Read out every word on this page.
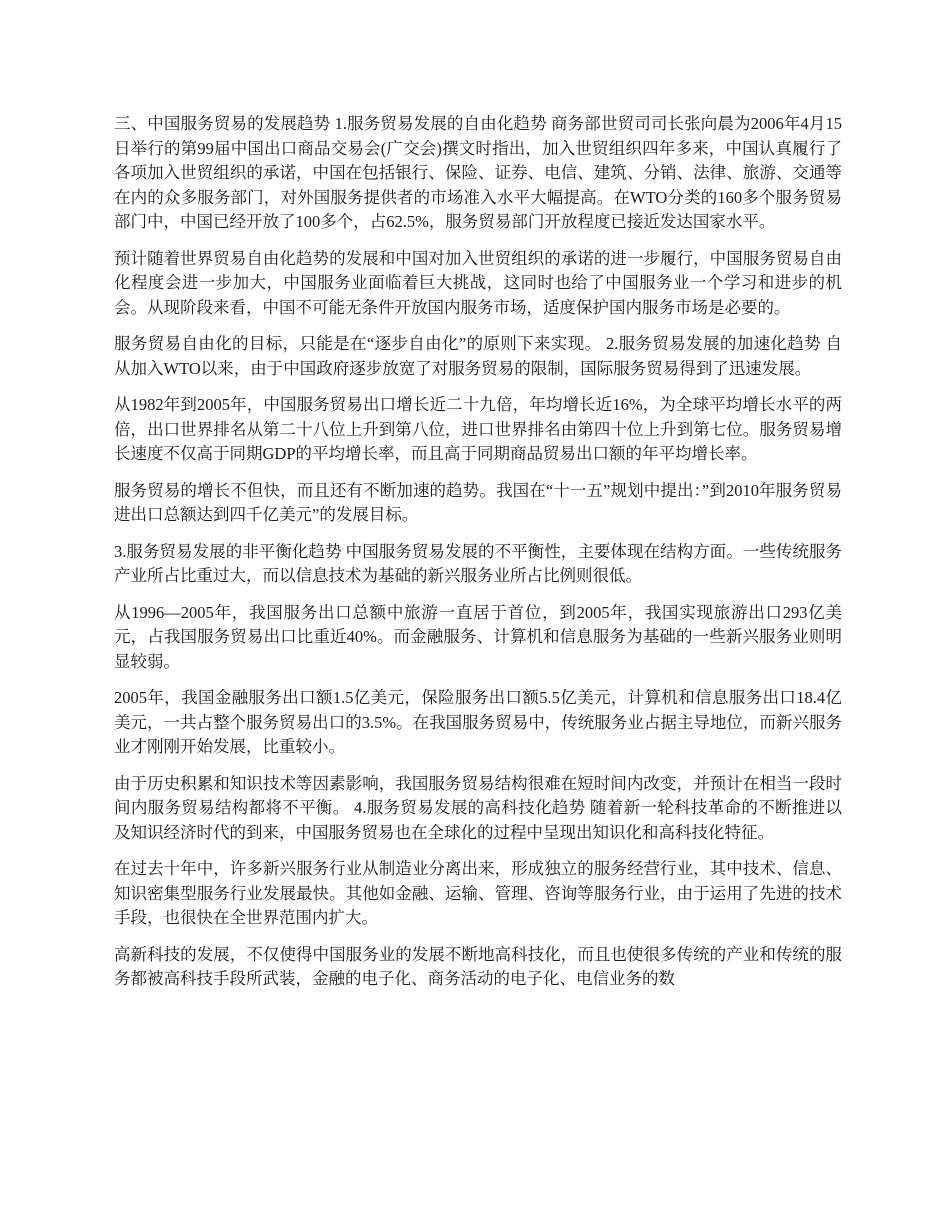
三、中国服务贸易的发展趋势 1.服务贸易发展的自由化趋势 商务部世贸司司长张向晨为2006年4月15日举行的第99届中国出口商品交易会(广交会)撰文时指出，加入世贸组织四年多来，中国认真履行了各项加入世贸组织的承诺，中国在包括银行、保险、证券、电信、建筑、分销、法律、旅游、交通等在内的众多服务部门，对外国服务提供者的市场准入水平大幅提高。在WTO分类的160多个服务贸易部门中，中国已经开放了100多个，占62.5%，服务贸易部门开放程度已接近发达国家水平。

预计随着世界贸易自由化趋势的发展和中国对加入世贸组织的承诺的进一步履行，中国服务贸易自由化程度会进一步加大，中国服务业面临着巨大挑战，这同时也给了中国服务业一个学习和进步的机会。从现阶段来看，中国不可能无条件开放国内服务市场，适度保护国内服务市场是必要的。

服务贸易自由化的目标，只能是在“逐步自由化”的原则下来实现。 2.服务贸易发展的加速化趋势 自从加入WTO以来，由于中国政府逐步放宽了对服务贸易的限制，国际服务贸易得到了迅速发展。

从1982年到2005年，中国服务贸易出口增长近二十九倍，年均增长近16%，为全球平均增长水平的两倍，出口世界排名从第二十八位上升到第八位，进口世界排名由第四十位上升到第七位。服务贸易增长速度不仅高于同期GDP的平均增长率，而且高于同期商品贸易出口额的年平均增长率。

服务贸易的增长不但快，而且还有不断加速的趋势。我国在“十一五”规划中提出：”到2010年服务贸易进出口总额达到四千亿美元”的发展目标。

3.服务贸易发展的非平衡化趋势 中国服务贸易发展的不平衡性，主要体现在结构方面。一些传统服务产业所占比重过大，而以信息技术为基础的新兴服务业所占比例则很低。

从1996—2005年，我国服务出口总额中旅游一直居于首位，到2005年，我国实现旅游出口293亿美元，占我国服务贸易出口比重近40%。而金融服务、计算机和信息服务为基础的一些新兴服务业则明显较弱。

2005年，我国金融服务出口额1.5亿美元，保险服务出口额5.5亿美元，计算机和信息服务出口18.4亿美元，一共占整个服务贸易出口的3.5%。在我国服务贸易中，传统服务业占据主导地位，而新兴服务业才刚刚开始发展，比重较小。

由于历史积累和知识技术等因素影响，我国服务贸易结构很难在短时间内改变，并预计在相当一段时间内服务贸易结构都将不平衡。 4.服务贸易发展的高科技化趋势 随着新一轮科技革命的不断推进以及知识经济时代的到来，中国服务贸易也在全球化的过程中呈现出知识化和高科技化特征。

在过去十年中，许多新兴服务行业从制造业分离出来，形成独立的服务经营行业，其中技术、信息、知识密集型服务行业发展最快。其他如金融、运输、管理、咨询等服务行业，由于运用了先进的技术手段，也很快在全世界范围内扩大。

高新科技的发展，不仅使得中国服务业的发展不断地高科技化，而且也使很多传统的产业和传统的服务都被高科技手段所武装，金融的电子化、商务活动的电子化、电信业务的数
